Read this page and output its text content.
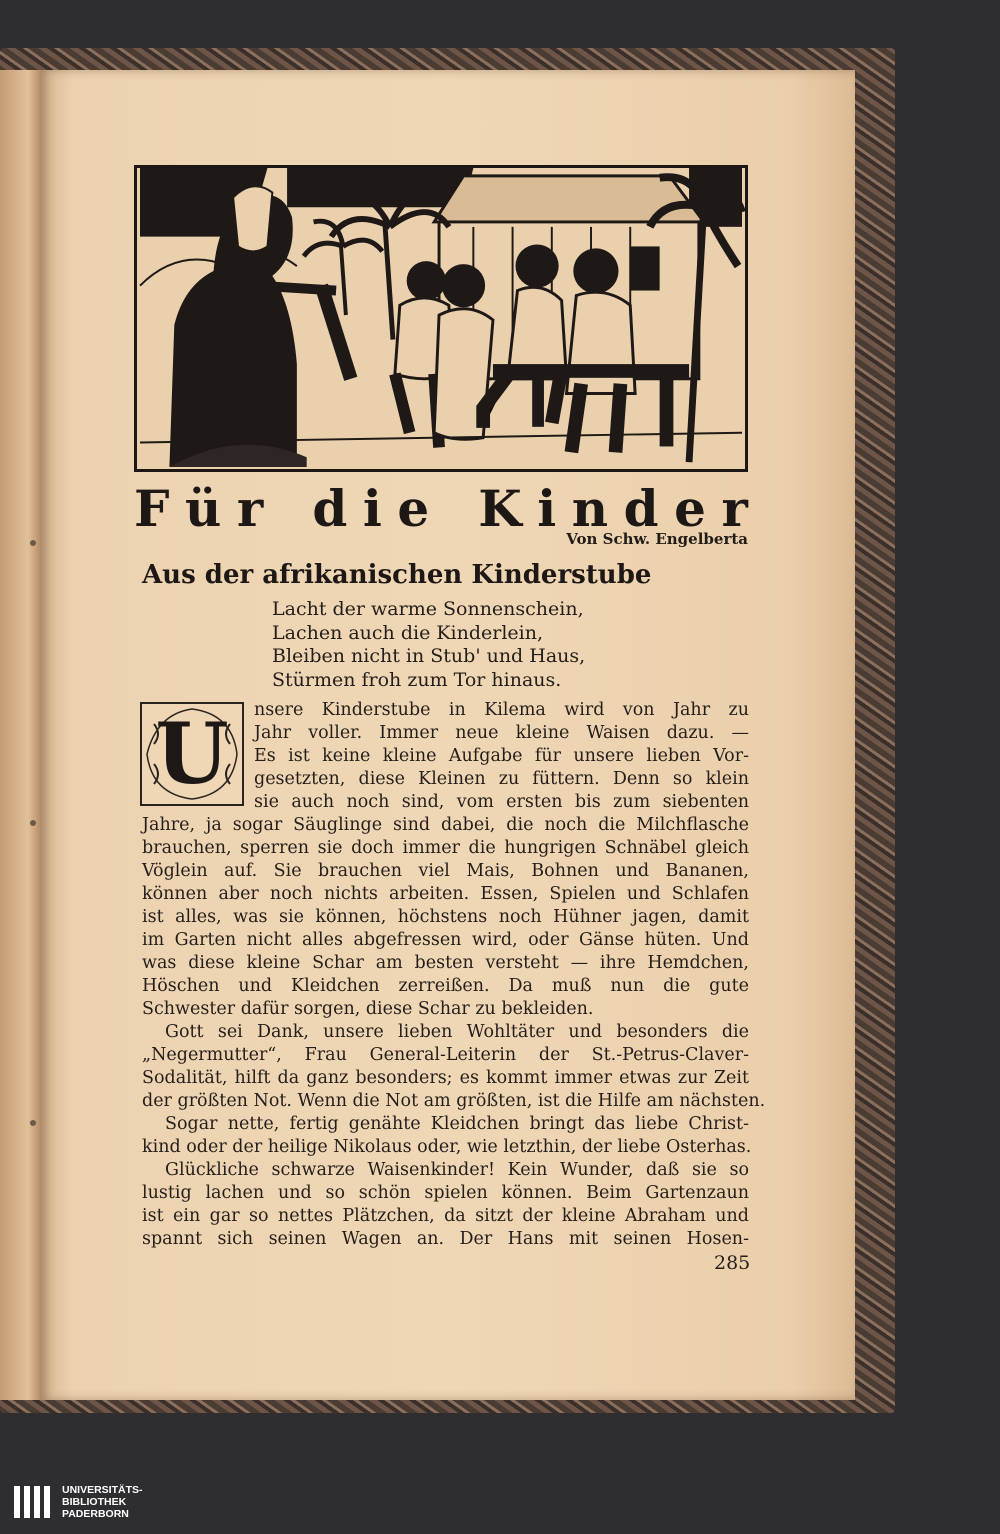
F ü r d i e K i n d e r
Von Schw. Engelberta
Aus der afrikanischen Kinderstube
Lacht der warme Sonnenschein,
Lachen auch die Kinderlein,
Bleiben nicht in Stub' und Haus,
Stürmen froh zum Tor hinaus.
U	nsere Kinderstube in Kilema wird von Jahr zu
Jahr voller. Immer neue kleine Waisen dazu. —
Es ist keine kleine Aufgabe für unsere lieben Vor-
gesetzten, diese Kleinen zu füttern. Denn so klein
sie auch noch sind, vom ersten bis zum siebenten
Jahre, ja sogar Säuglinge sind dabei, die noch die Milchflasche
brauchen, sperren sie doch immer die hungrigen Schnäbel gleich
Vöglein auf. Sie brauchen viel Mais, Bohnen und Bananen,
können aber noch nichts arbeiten. Essen, Spielen und Schlafen
ist alles, was sie können, höchstens noch Hühner jagen, damit
im Garten nicht alles abgefressen wird, oder Gänse hüten. Und
was diese kleine Schar am besten versteht — ihre Hemdchen,
Höschen und Kleidchen zerreißen. Da muß nun die gute
Schwester dafür sorgen, diese Schar zu bekleiden.
Gott sei Dank, unsere lieben Wohltäter und besonders die
„Negermutter“, Frau General-Leiterin der St.-Petrus-Claver-
Sodalität, hilft da ganz besonders; es kommt immer etwas zur Zeit
der größten Not. Wenn die Not am größten, ist die Hilfe am nächsten.
Sogar nette, fertig genähte Kleidchen bringt das liebe Christ-
kind oder der heilige Nikolaus oder, wie letzthin, der liebe Osterhas.
Glückliche schwarze Waisenkinder! Kein Wunder, daß sie so
lustig lachen und so schön spielen können. Beim Gartenzaun
ist ein gar so nettes Plätzchen, da sitzt der kleine Abraham und
spannt sich seinen Wagen an. Der Hans mit seinen Hosen-
285
UNIVERSITÄTS-
BIBLIOTHEK
PADERBORN
